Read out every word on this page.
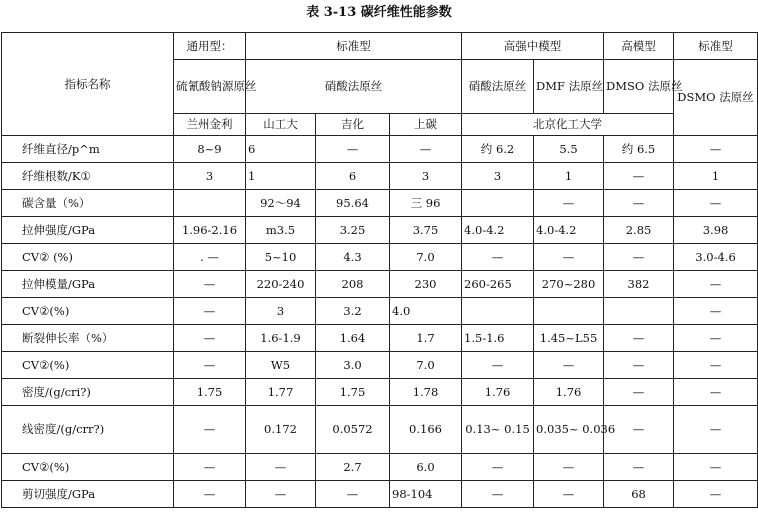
表 3-13 碳纤维性能参数
指标名称	通用型：	标准型			高强中模型		高模型	标准型
	硫氰酸钠源原丝	硝酸法原丝			硝酸法原丝	DMF 法原丝	DMSO 法原丝	DSMO 法原丝
	兰州金利	山工大	吉化	上碳	北京化工大学			
纤维直径/p^m	8~9	6	—	—	约 6.2	5.5	约 6.5	—
纤维根数/K①	3	1	6	3	3	1	—	1
碳含量（%）		92～94	95.64	三 96		—	—	—
拉伸强度/GPa	1.96-2.16	m3.5	3.25	3.75	4.0-4.2	4.0-4.2	2.85	3.98
CV② (%)	. —	5~10	4.3	7.0	—	—	—	3.0-4.6
拉伸模量/GPa	—	220-240	208	230	260-265	270~280	382	—
CV②(%)	—	3	3.2	4.0				—
断裂伸长率（%）	—	1.6-1.9	1.64	1.7	1.5-1.6	1.45~L55	—	—
CV②(%)	—	W5	3.0	7.0	—	—	—	—
密度/(g/cri?)	1.75	1.77	1.75	1.78	1.76	1.76	—	—
线密度/(g/crr?)	—	0.172	0.0572	0.166	0.13~ 0.15	0.035~ 0.036	—	—
CV②(%)	—	—	2.7	6.0	—	—	—	—
剪切强度/GPa	—	—	—	98-104	—	—	68	—
